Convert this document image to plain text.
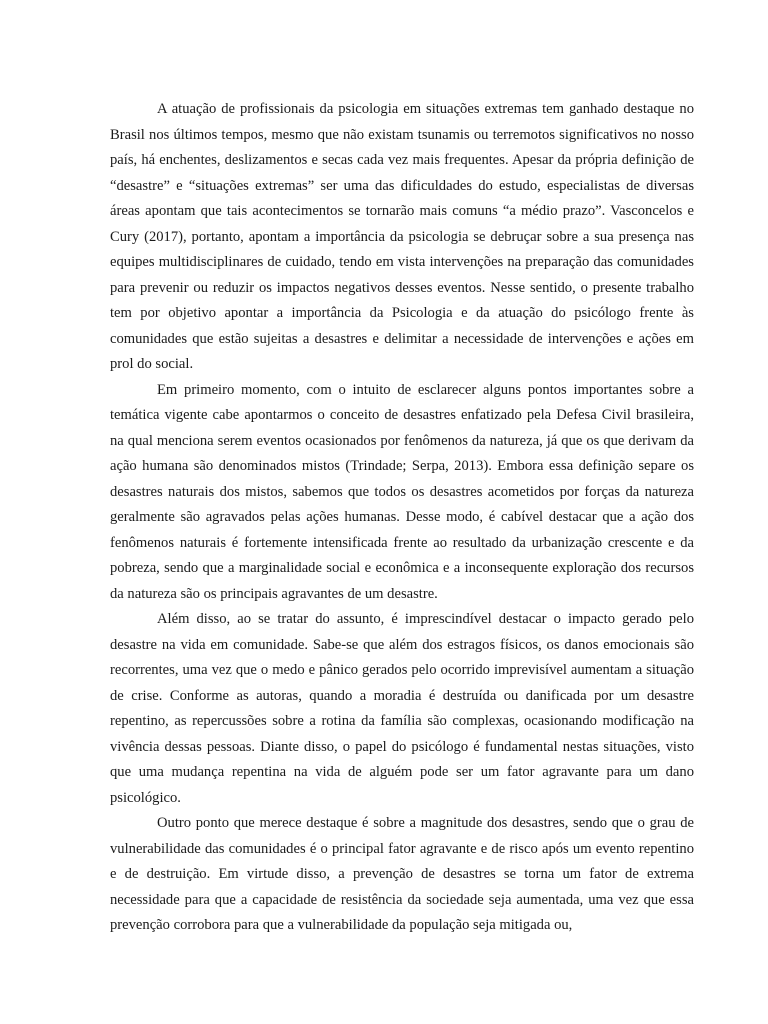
A atuação de profissionais da psicologia em situações extremas tem ganhado destaque no Brasil nos últimos tempos, mesmo que não existam tsunamis ou terremotos significativos no nosso país, há enchentes, deslizamentos e secas cada vez mais frequentes. Apesar da própria definição de “desastre” e “situações extremas” ser uma das dificuldades do estudo, especialistas de diversas áreas apontam que tais acontecimentos se tornarão mais comuns “a médio prazo”. Vasconcelos e Cury (2017), portanto, apontam a importância da psicologia se debruçar sobre a sua presença nas equipes multidisciplinares de cuidado, tendo em vista intervenções na preparação das comunidades para prevenir ou reduzir os impactos negativos desses eventos. Nesse sentido, o presente trabalho tem por objetivo apontar a importância da Psicologia e da atuação do psicólogo frente às comunidades que estão sujeitas a desastres e delimitar a necessidade de intervenções e ações em prol do social.

Em primeiro momento, com o intuito de esclarecer alguns pontos importantes sobre a temática vigente cabe apontarmos o conceito de desastres enfatizado pela Defesa Civil brasileira, na qual menciona serem eventos ocasionados por fenômenos da natureza, já que os que derivam da ação humana são denominados mistos (Trindade; Serpa, 2013). Embora essa definição separe os desastres naturais dos mistos, sabemos que todos os desastres acometidos por forças da natureza geralmente são agravados pelas ações humanas. Desse modo, é cabível destacar que a ação dos fenômenos naturais é fortemente intensificada frente ao resultado da urbanização crescente e da pobreza, sendo que a marginalidade social e econômica e a inconsequente exploração dos recursos da natureza são os principais agravantes de um desastre.

Além disso, ao se tratar do assunto, é imprescindível destacar o impacto gerado pelo desastre na vida em comunidade. Sabe-se que além dos estragos físicos, os danos emocionais são recorrentes, uma vez que o medo e pânico gerados pelo ocorrido imprevisível aumentam a situação de crise. Conforme as autoras, quando a moradia é destruída ou danificada por um desastre repentino, as repercussões sobre a rotina da família são complexas, ocasionando modificação na vivência dessas pessoas. Diante disso, o papel do psicólogo é fundamental nestas situações, visto que uma mudança repentina na vida de alguém pode ser um fator agravante para um dano psicológico.

Outro ponto que merece destaque é sobre a magnitude dos desastres, sendo que o grau de vulnerabilidade das comunidades é o principal fator agravante e de risco após um evento repentino e de destruição. Em virtude disso, a prevenção de desastres se torna um fator de extrema necessidade para que a capacidade de resistência da sociedade seja aumentada, uma vez que essa prevenção corrobora para que a vulnerabilidade da população seja mitigada ou,
